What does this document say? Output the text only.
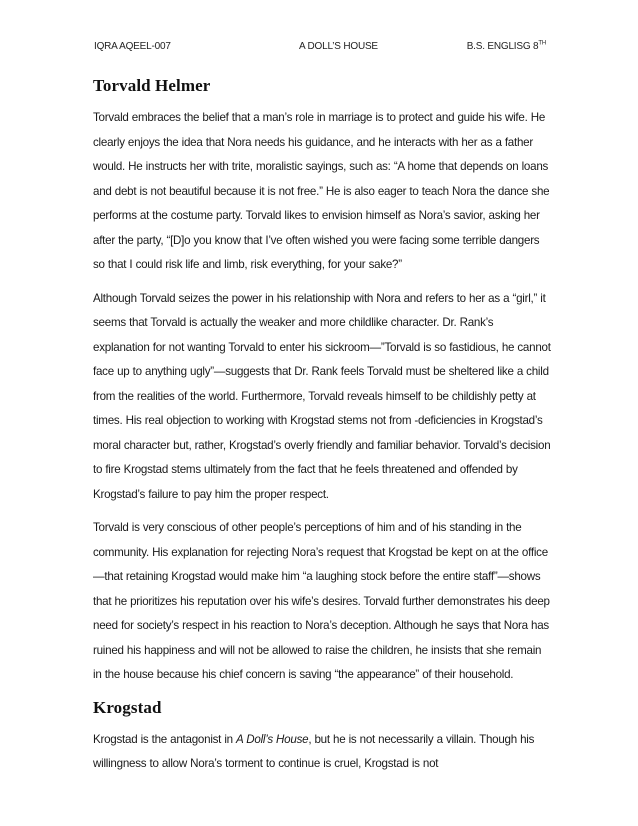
IQRA AQEEL-007	A DOLL’S HOUSE	B.S. ENGLISG 8TH
Torvald Helmer

Torvald embraces the belief that a man’s role in marriage is to protect and guide his wife. He clearly enjoys the idea that Nora needs his guidance, and he interacts with her as a father would. He instructs her with trite, moralistic sayings, such as: “A home that depends on loans and debt is not beautiful because it is not free.” He is also eager to teach Nora the dance she performs at the costume party. Torvald likes to envision himself as Nora’s savior, asking her after the party, “[D]o you know that I’ve often wished you were facing some terrible dangers so that I could risk life and limb, risk everything, for your sake?”

Although Torvald seizes the power in his relationship with Nora and refers to her as a “girl,” it seems that Torvald is actually the weaker and more childlike character. Dr. Rank’s explanation for not wanting Torvald to enter his sickroom—”Torvald is so fastidious, he cannot face up to anything ugly”—suggests that Dr. Rank feels Torvald must be sheltered like a child from the realities of the world. Furthermore, Torvald reveals himself to be childishly petty at times. His real objection to working with Krogstad stems not from -deficiencies in Krogstad’s moral character but, rather, Krogstad’s overly friendly and familiar behavior. Torvald’s decision to fire Krogstad stems ultimately from the fact that he feels threatened and offended by Krogstad’s failure to pay him the proper respect.

Torvald is very conscious of other people’s perceptions of him and of his standing in the community. His explanation for rejecting Nora’s request that Krogstad be kept on at the office—that retaining Krogstad would make him “a laughing stock before the entire staff”—shows that he prioritizes his reputation over his wife’s desires. Torvald further demonstrates his deep need for society’s respect in his reaction to Nora’s deception. Although he says that Nora has ruined his happiness and will not be allowed to raise the children, he insists that she remain in the house because his chief concern is saving “the appearance” of their household.

Krogstad

Krogstad is the antagonist in A Doll’s House, but he is not necessarily a villain. Though his willingness to allow Nora’s torment to continue is cruel, Krogstad is not
